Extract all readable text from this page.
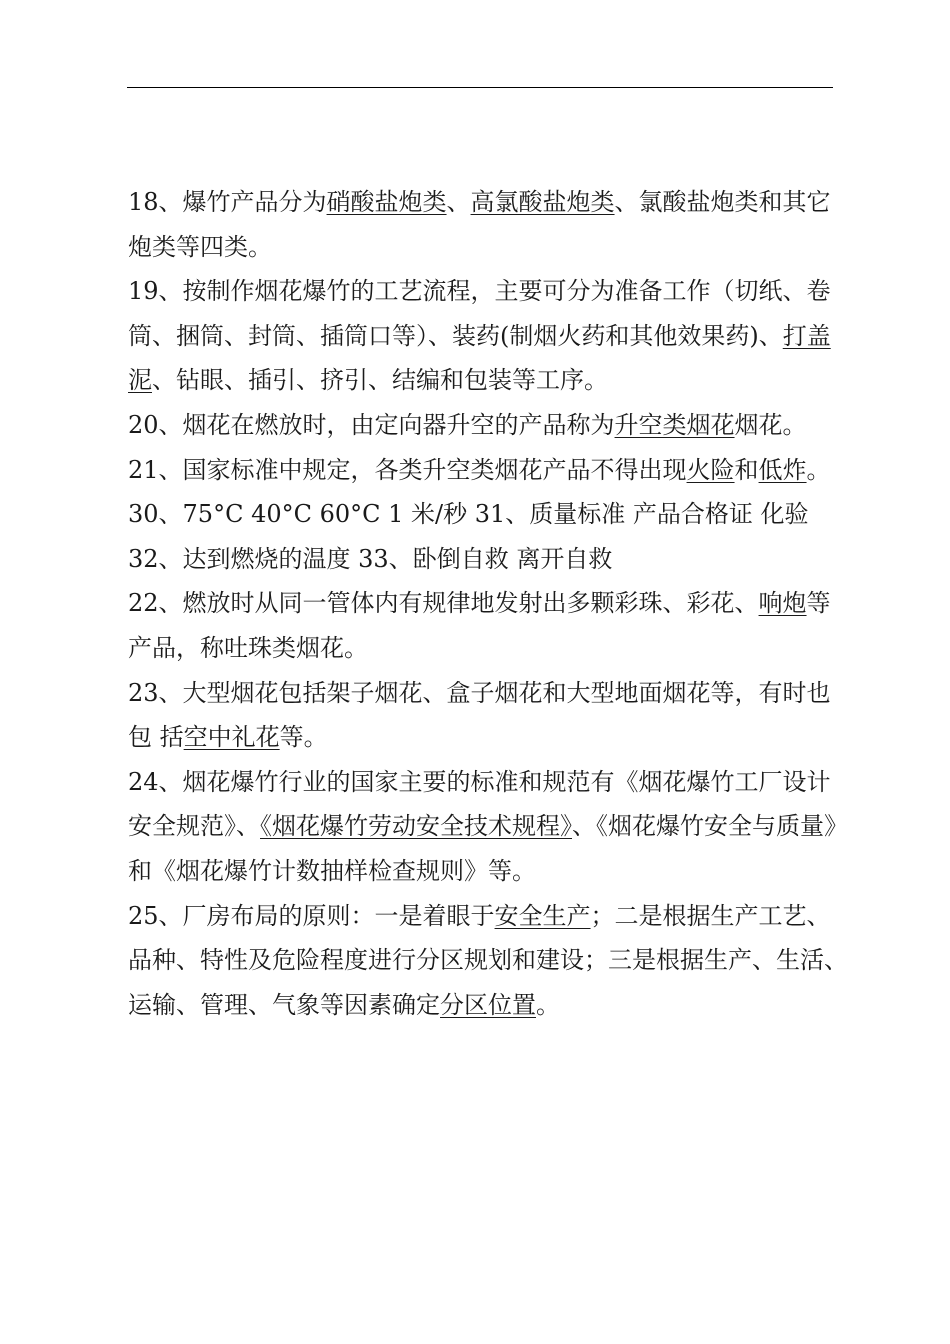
18、爆竹产品分为硝酸盐炮类、高氯酸盐炮类、氯酸盐炮类和其它炮类等四类。

19、按制作烟花爆竹的工艺流程，主要可分为准备工作（切纸、卷筒、捆筒、封筒、插筒口等）、装药(制烟火药和其他效果药)、打盖泥、钻眼、插引、挤引、结编和包装等工序。

20、烟花在燃放时，由定向器升空的产品称为升空类烟花烟花。

21、国家标准中规定，各类升空类烟花产品不得出现火险和低炸。

30、75°C 40°C 60°C 1 米/秒 31、质量标准 产品合格证 化验

32、达到燃烧的温度 33、卧倒自救 离开自救

22、燃放时从同一管体内有规律地发射出多颗彩珠、彩花、响炮等产品，称吐珠类烟花。

23、大型烟花包括架子烟花、盒子烟花和大型地面烟花等，有时也包 括空中礼花等。

24、烟花爆竹行业的国家主要的标准和规范有《烟花爆竹工厂设计安全规范》、《烟花爆竹劳动安全技术规程》、《烟花爆竹安全与质量》和《烟花爆竹计数抽样检查规则》等。

25、厂房布局的原则：一是着眼于安全生产；二是根据生产工艺、品种、特性及危险程度进行分区规划和建设；三是根据生产、生活、运输、管理、气象等因素确定分区位置。
